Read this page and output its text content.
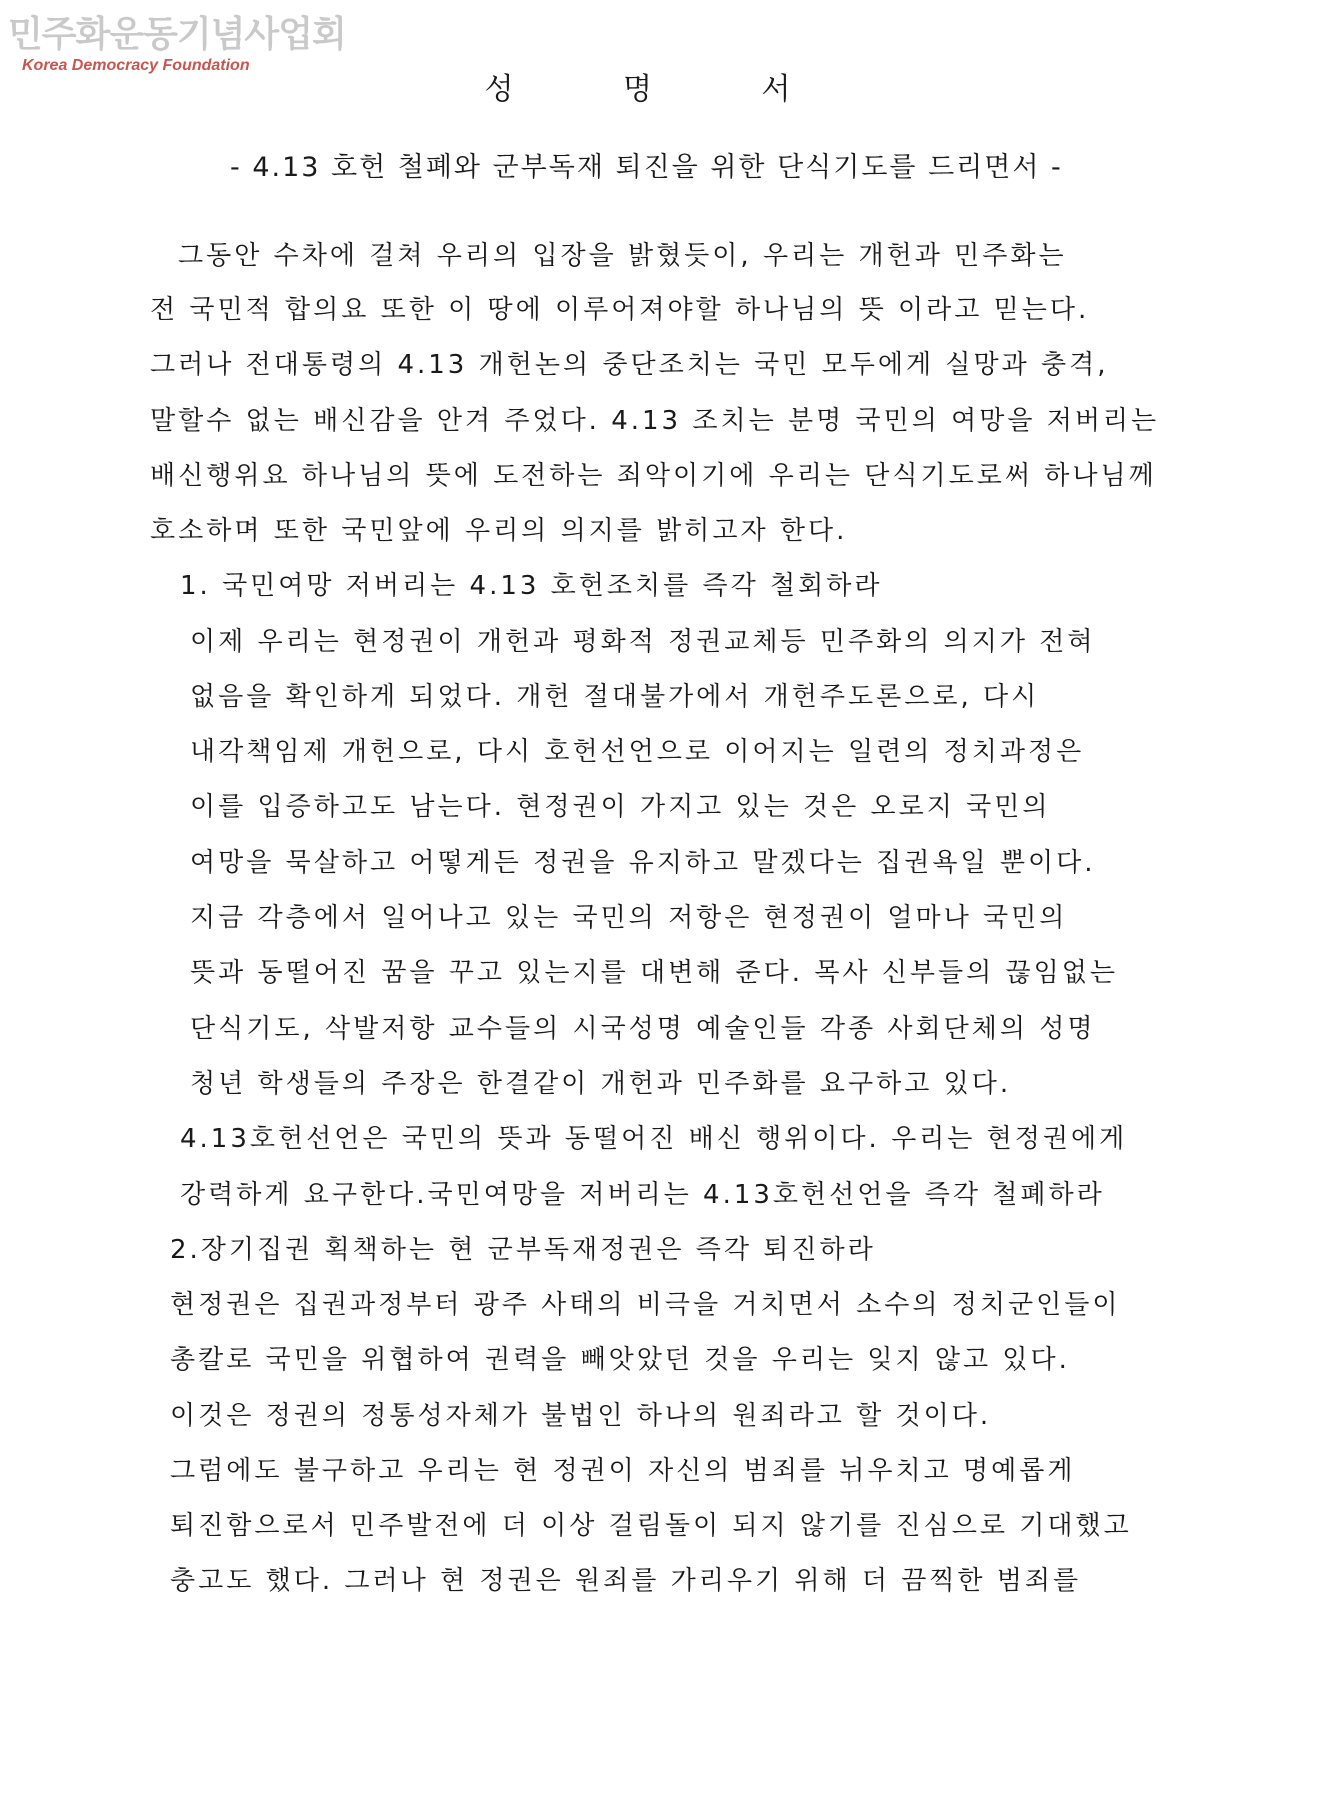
민주화운동기념사업회
Korea Democracy Foundation
성 명 서
- 4.13 호헌 철폐와 군부독재 퇴진을 위한 단식기도를 드리면서 -
그동안 수차에 걸쳐 우리의 입장을 밝혔듯이, 우리는 개헌과 민주화는
전 국민적 합의요 또한 이 땅에 이루어져야할 하나님의 뜻 이라고 믿는다.
그러나 전대통령의 4.13 개헌논의 중단조치는 국민 모두에게 실망과 충격,
말할수 없는 배신감을 안겨 주었다. 4.13 조치는 분명 국민의 여망을 저버리는
배신행위요 하나님의 뜻에 도전하는 죄악이기에 우리는 단식기도로써 하나님께
호소하며 또한 국민앞에 우리의 의지를 밝히고자 한다.
1. 국민여망 저버리는 4.13 호헌조치를 즉각 철회하라
이제 우리는 현정권이 개헌과 평화적 정권교체등 민주화의 의지가 전혀
없음을 확인하게 되었다. 개헌 절대불가에서 개헌주도론으로, 다시
내각책임제 개헌으로, 다시 호헌선언으로 이어지는 일련의 정치과정은
이를 입증하고도 남는다. 현정권이 가지고 있는 것은 오로지 국민의
여망을 묵살하고 어떻게든 정권을 유지하고 말겠다는 집권욕일 뿐이다.
지금 각층에서 일어나고 있는 국민의 저항은 현정권이 얼마나 국민의
뜻과 동떨어진 꿈을 꾸고 있는지를 대변해 준다. 목사 신부들의 끊임없는
단식기도, 삭발저항 교수들의 시국성명 예술인들 각종 사회단체의 성명
청년 학생들의 주장은 한결같이 개헌과 민주화를 요구하고 있다.
4.13호헌선언은 국민의 뜻과 동떨어진 배신 행위이다. 우리는 현정권에게
강력하게 요구한다.국민여망을 저버리는 4.13호헌선언을 즉각 철폐하라
2.장기집권 획책하는 현 군부독재정권은 즉각 퇴진하라
현정권은 집권과정부터 광주 사태의 비극을 거치면서 소수의 정치군인들이
총칼로 국민을 위협하여 권력을 빼앗았던 것을 우리는 잊지 않고 있다.
이것은 정권의 정통성자체가 불법인 하나의 원죄라고 할 것이다.
그럼에도 불구하고 우리는 현 정권이 자신의 범죄를 뉘우치고 명예롭게
퇴진함으로서 민주발전에 더 이상 걸림돌이 되지 않기를 진심으로 기대했고
충고도 했다. 그러나 현 정권은 원죄를 가리우기 위해 더 끔찍한 범죄를
